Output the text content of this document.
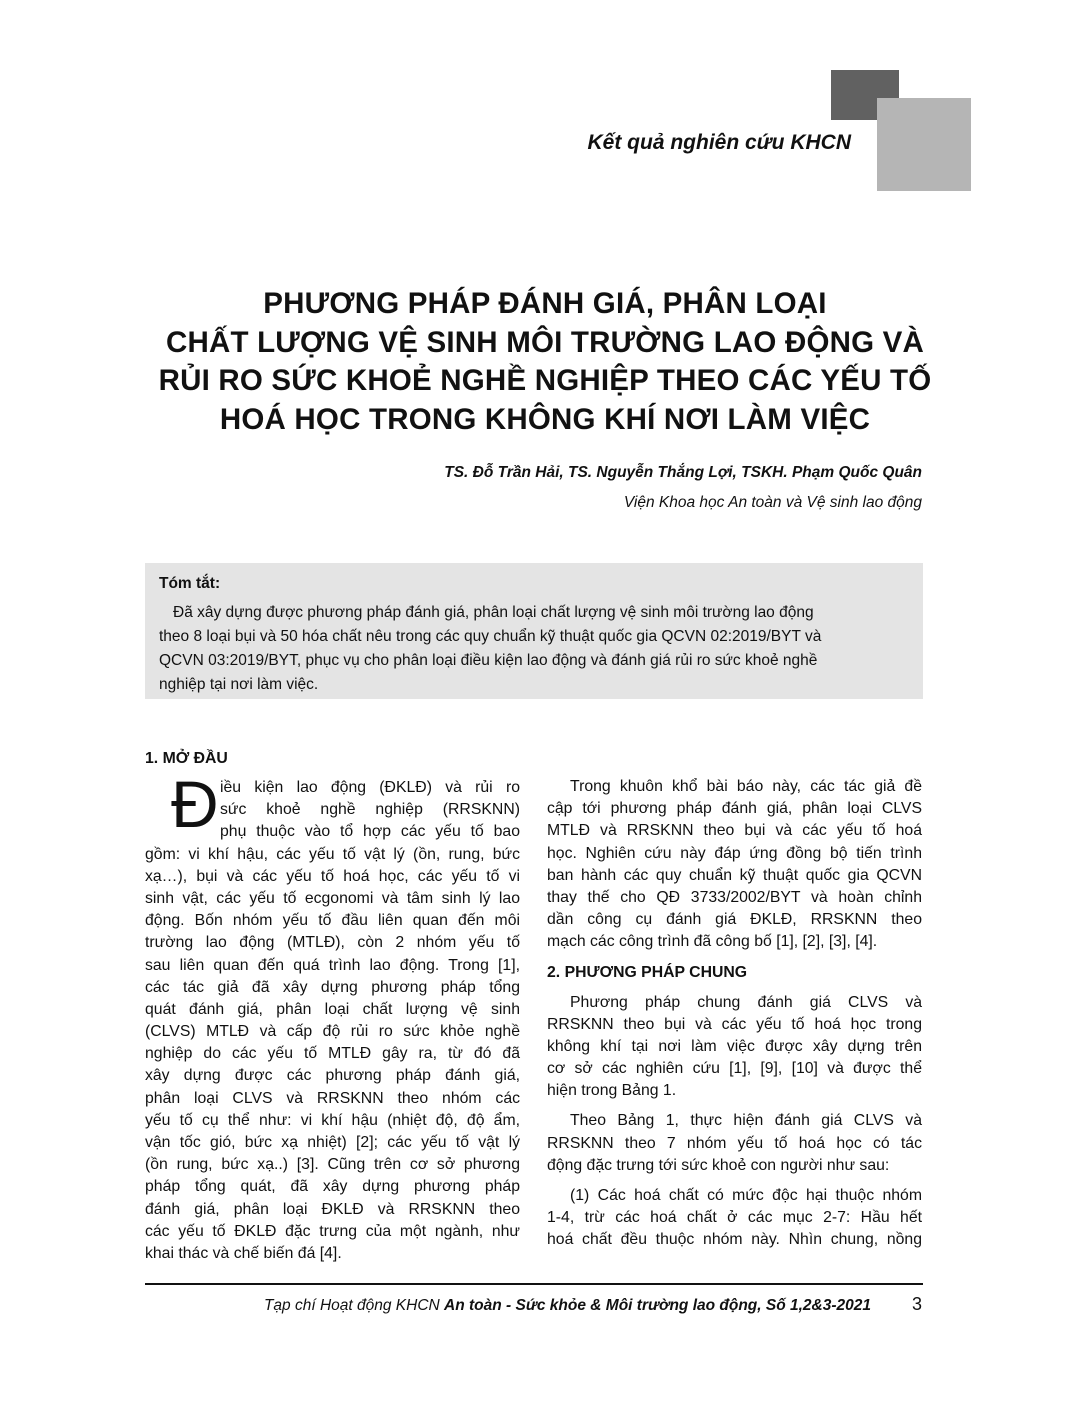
Kết quả nghiên cứu KHCN
PHƯƠNG PHÁP ĐÁNH GIÁ, PHÂN LOẠI
CHẤT LƯỢNG VỆ SINH MÔI TRƯỜNG LAO ĐỘNG VÀ
RỦI RO SỨC KHOẺ NGHỀ NGHIỆP THEO CÁC YẾU TỐ
HOÁ HỌC TRONG KHÔNG KHÍ NƠI LÀM VIỆC
TS. Đỗ Trần Hải, TS. Nguyễn Thắng Lợi, TSKH. Phạm Quốc Quân
Viện Khoa học An toàn và Vệ sinh lao động
Tóm tắt:
Đã xây dựng được phương pháp đánh giá, phân loại chất lượng vệ sinh môi trường lao động
theo 8 loại bụi và 50 hóa chất nêu trong các quy chuẩn kỹ thuật quốc gia QCVN 02:2019/BYT và
QCVN 03:2019/BYT, phục vụ cho phân loại điều kiện lao động và đánh giá rủi ro sức khoẻ nghề
nghiệp tại nơi làm việc.
1. MỞ ĐẦU
Đ iều kiện lao động (ĐKLĐ) và rủi ro
sức khoẻ nghề nghiệp (RRSKNN)
phụ thuộc vào tổ hợp các yếu tố bao
gồm: vi khí hậu, các yếu tố vật lý (ồn, rung, bức
xạ…), bụi và các yếu tố hoá học, các yếu tố vi
sinh vật, các yếu tố ecgonomi và tâm sinh lý lao
động. Bốn nhóm yếu tố đầu liên quan đến môi
trường lao động (MTLĐ), còn 2 nhóm yếu tố
sau liên quan đến quá trình lao động. Trong [1],
các tác giả đã xây dựng phương pháp tổng
quát đánh giá, phân loại chất lượng vệ sinh
(CLVS) MTLĐ và cấp độ rủi ro sức khỏe nghề
nghiệp do các yếu tố MTLĐ gây ra, từ đó đã
xây dựng được các phương pháp đánh giá,
phân loại CLVS và RRSKNN theo nhóm các
yếu tố cụ thể như: vi khí hậu (nhiệt độ, độ ẩm,
vận tốc gió, bức xạ nhiệt) [2]; các yếu tố vật lý
(ồn rung, bức xạ..) [3]. Cũng trên cơ sở phương
pháp tổng quát, đã xây dựng phương pháp
đánh giá, phân loại ĐKLĐ và RRSKNN theo
các yếu tố ĐKLĐ đặc trưng của một ngành, như
khai thác và chế biến đá [4].
Trong khuôn khổ bài báo này, các tác giả đề
cập tới phương pháp đánh giá, phân loại CLVS
MTLĐ và RRSKNN theo bụi và các yếu tố hoá
học. Nghiên cứu này đáp ứng đồng bộ tiến trình
ban hành các quy chuẩn kỹ thuật quốc gia QCVN
thay thế cho QĐ 3733/2002/BYT và hoàn chỉnh
dần công cụ đánh giá ĐKLĐ, RRSKNN theo
mạch các công trình đã công bố [1], [2], [3], [4].
2. PHƯƠNG PHÁP CHUNG
Phương pháp chung đánh giá CLVS và
RRSKNN theo bụi và các yếu tố hoá học trong
không khí tại nơi làm việc được xây dựng trên
cơ sở các nghiên cứu [1], [9], [10] và được thể
hiện trong Bảng 1.
Theo Bảng 1, thực hiện đánh giá CLVS và
RRSKNN theo 7 nhóm yếu tố hoá học có tác
động đặc trưng tới sức khoẻ con người như sau:
(1) Các hoá chất có mức độc hại thuộc nhóm
1-4, trừ các hoá chất ở các mục 2-7: Hầu hết
hoá chất đều thuộc nhóm này. Nhìn chung, nồng
Tạp chí Hoạt động KHCN An toàn - Sức khỏe & Môi trường lao động, Số 1,2&3-2021 3
